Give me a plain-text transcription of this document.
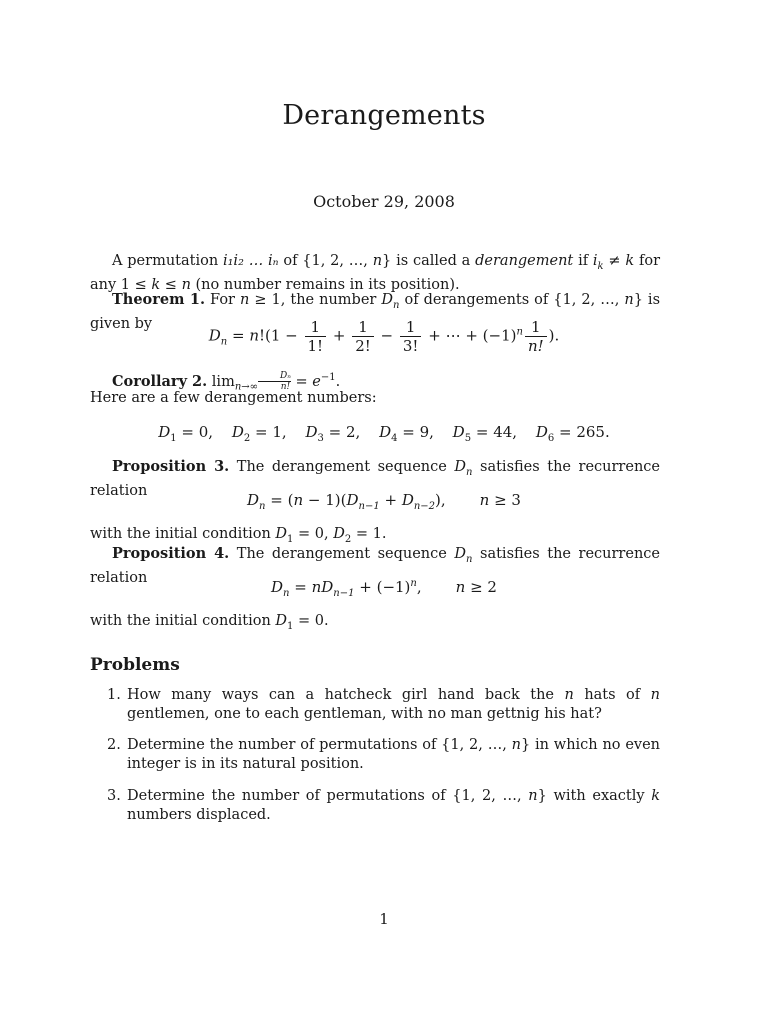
Derangements
October 29, 2008
A permutation i₁i₂ … iₙ of {1, 2, …, n} is called a derangement if $i_k \ne k$ for any 1 ≤ k ≤ n (no number remains in its position).
Theorem 1. For n ≥ 1, the number $D_n$ of derangements of {1, 2, …, n} is given by
$D_n = n!(1 - \frac{1}{1!} + \frac{1}{2!} - \frac{1}{3!}$ + ⋯ + $(-1)^n \frac{1}{n!}$ ).
Corollary 2. $\lim_{n\to\infty} \frac{\text{Dₙ}}{n!} = e^{-1}$.
Here are a few derangement numbers:
$D_1 = 0$, $D_2 = 1$, $D_3 = 2$, $D_4 = 9$, $D_5 = 44$, $D_6 = 265$.
Proposition 3. The derangement sequence $D_n$ satisfies the recurrence relation
$D_n = (n - 1)(D_{n-1} + D_{n-2})$, n ≥ 3
with the initial condition $D_1 = 0$, $D_2 = 1$.
Proposition 4. The derangement sequence $D_n$ satisfies the recurrence relation
$D_n = nD_{n-1} + (-1)^n$, n ≥ 2
with the initial condition $D_1 = 0$.
Problems
1. How many ways can a hatcheck girl hand back the n hats of n gentlemen, one to each gentleman, with no man gettnig his hat?
2. Determine the number of permutations of {1, 2, …, n} in which no even integer is in its natural position.
3. Determine the number of permutations of {1, 2, …, n} with exactly k numbers displaced.
1
